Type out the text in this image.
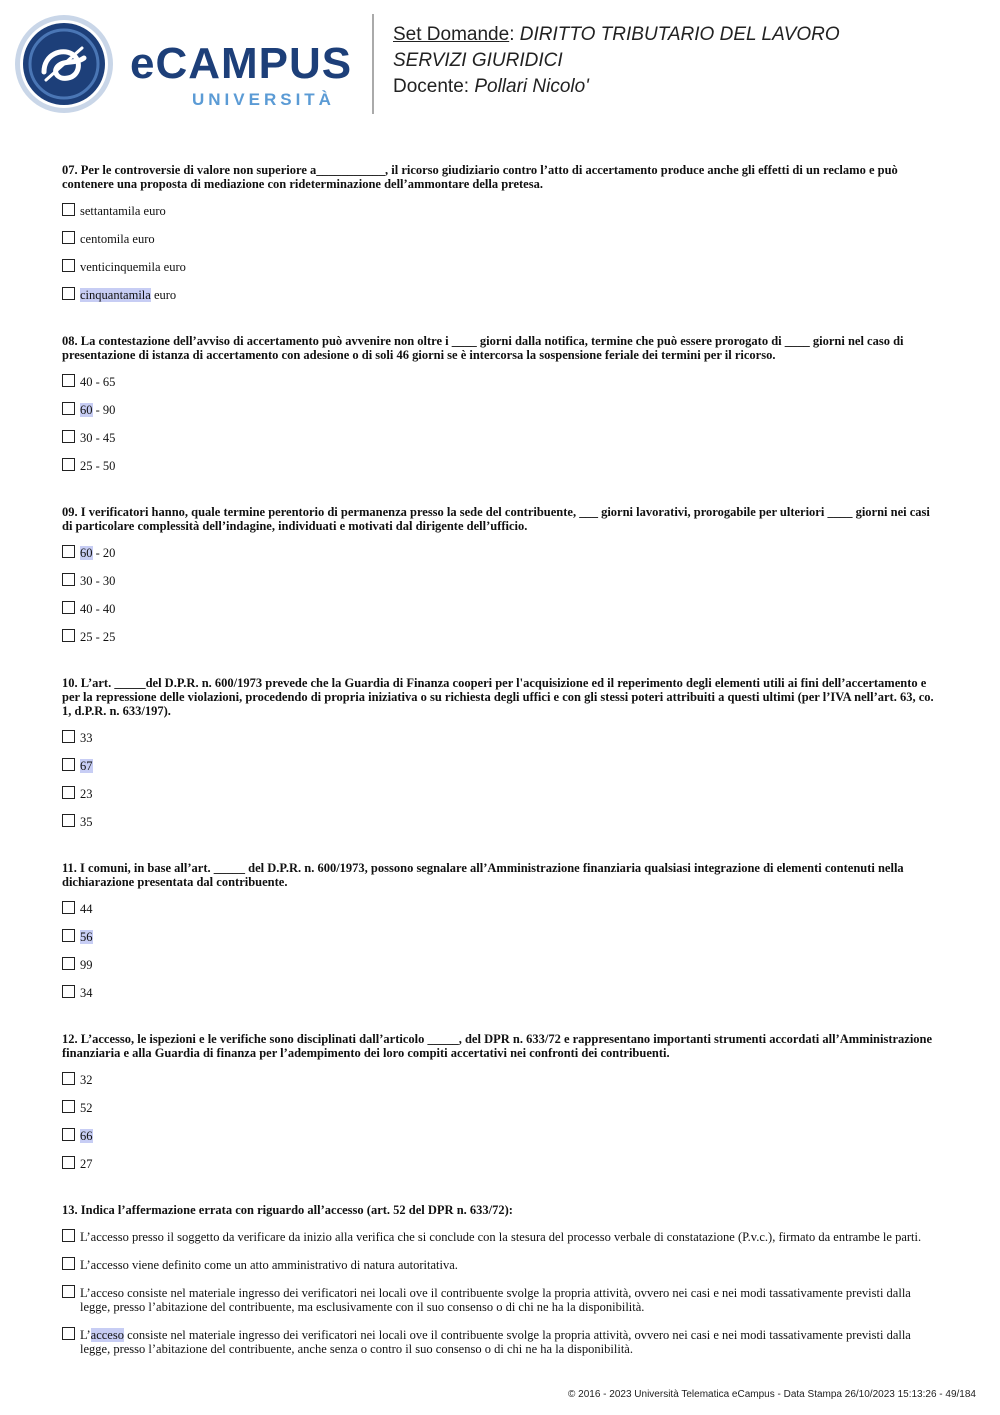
eCAMPUS
UNIVERSITÀ
Set Domande: DIRITTO TRIBUTARIO DEL LAVORO
SERVIZI GIURIDICI
Docente: Pollari Nicolo'
07. Per le controversie di valore non superiore a___________, il ricorso giudiziario contro l’atto di accertamento produce anche gli effetti di un reclamo e può contenere una proposta di mediazione con rideterminazione dell’ammontare della pretesa.
settantamila euro
centomila euro
venticinquemila euro
cinquantamila euro
08. La contestazione dell’avviso di accertamento può avvenire non oltre i ____ giorni dalla notifica, termine che può essere prorogato di ____ giorni nel caso di presentazione di istanza di accertamento con adesione o di soli 46 giorni se è intercorsa la sospensione feriale dei termini per il ricorso.
40 - 65
60 - 90
30 - 45
25 - 50
09. I verificatori hanno, quale termine perentorio di permanenza presso la sede del contribuente, ___ giorni lavorativi, prorogabile per ulteriori ____ giorni nei casi di particolare complessità dell’indagine, individuati e motivati dal dirigente dell’ufficio.
60 - 20
30 - 30
40 - 40
25 - 25
10. L’art. _____del D.P.R. n. 600/1973 prevede che la Guardia di Finanza cooperi per l'acquisizione ed il reperimento degli elementi utili ai fini dell’accertamento e per la repressione delle violazioni, procedendo di propria iniziativa o su richiesta degli uffici e con gli stessi poteri attribuiti a questi ultimi (per l’IVA nell’art. 63, co. 1, d.P.R. n. 633/197).
33
67
23
35
11. I comuni, in base all’art. _____ del D.P.R. n. 600/1973, possono segnalare all’Amministrazione finanziaria qualsiasi integrazione di elementi contenuti nella dichiarazione presentata dal contribuente.
44
56
99
34
12. L’accesso, le ispezioni e le verifiche sono disciplinati dall’articolo _____, del DPR n. 633/72 e rappresentano importanti strumenti accordati all’Amministrazione finanziaria e alla Guardia di finanza per l’adempimento dei loro compiti accertativi nei confronti dei contribuenti.
32
52
66
27
13. Indica l’affermazione errata con riguardo all’accesso (art. 52 del DPR n. 633/72):
L’accesso presso il soggetto da verificare da inizio alla verifica che si conclude con la stesura del processo verbale di constatazione (P.v.c.), firmato da entrambe le parti.
L’accesso viene definito come un atto amministrativo di natura autoritativa.
L’acceso consiste nel materiale ingresso dei verificatori nei locali ove il contribuente svolge la propria attività, ovvero nei casi e nei modi tassativamente previsti dalla legge, presso l’abitazione del contribuente, ma esclusivamente con il suo consenso o di chi ne ha la disponibilità.
L’acceso consiste nel materiale ingresso dei verificatori nei locali ove il contribuente svolge la propria attività, ovvero nei casi e nei modi tassativamente previsti dalla legge, presso l’abitazione del contribuente, anche senza o contro il suo consenso o di chi ne ha la disponibilità.
© 2016 - 2023 Università Telematica eCampus - Data Stampa 26/10/2023 15:13:26 - 49/184
